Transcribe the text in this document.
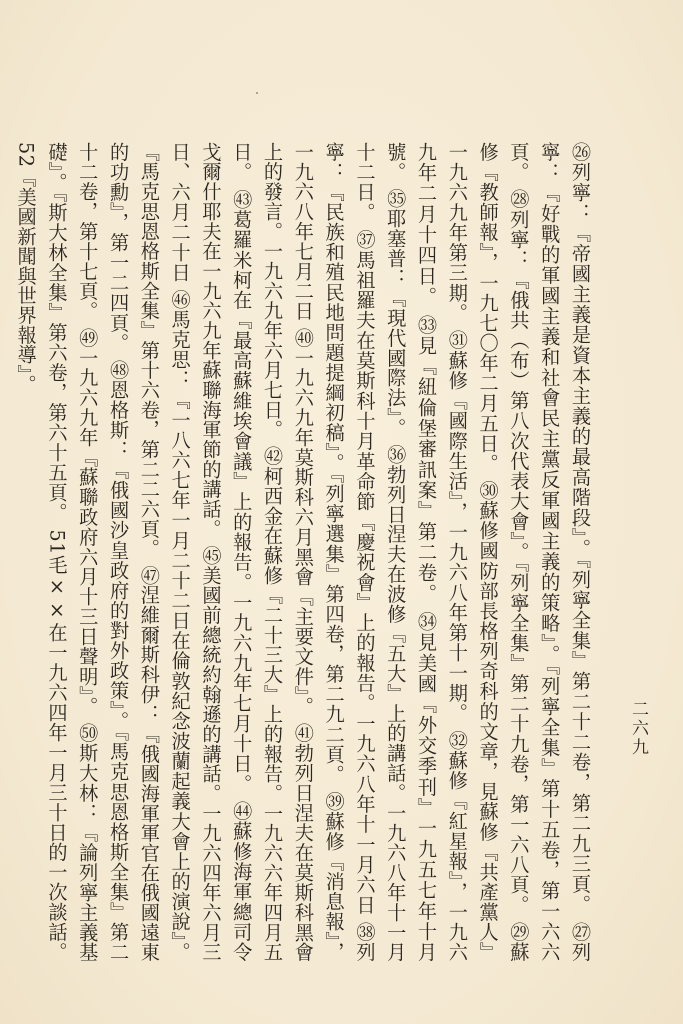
㉖列寧：『帝國主義是資本主義的最高階段』。『列寧全集』第二十二卷，第二九三頁。 ㉗列寧：『好戰的軍國主義和社會民主黨反軍國主義的策略』。『列寧全集』第十五卷，第一六六頁。 ㉘列寧：『俄共（布）第八次代表大會』。『列寧全集』第二十九卷，第一六八頁。 ㉙蘇修『教師報』，一九七〇年二月五日。 ㉚蘇修國防部長格列奇科的文章，見蘇修『共產黨人』一九六九年第三期。 ㉛蘇修『國際生活』，一九六八年第十一期。 ㉜蘇修『紅星報』，一九六九年二月十四日。 ㉝見『紐倫堡審訊案』第二卷。 ㉞見美國『外交季刊』一九五七年十月號。 ㉟耶塞普：『現代國際法』。 ㊱勃列日涅夫在波修『五大』上的講話。一九六八年十一月十二日。 ㊲馬祖羅夫在莫斯科十月革命節『慶祝會』上的報告。一九六八年十一月六日 ㊳列寧：『民族和殖民地問題提綱初稿』。『列寧選集』第四卷，第二九二頁。 ㊴蘇修『消息報』，一九六八年七月二日 ㊵一九六九年莫斯科六月黑會『主要文件』。 ㊶勃列日涅夫在莫斯科黑會上的發言。一九六九年六月七日。 ㊷柯西金在蘇修『二十三大』上的報告。一九六六年四月五日。 ㊸葛羅米柯在『最高蘇維埃會議』上的報告。一九六九年七月十日。 ㊹蘇修海軍總司令戈爾什耶夫在一九六九年蘇聯海軍節的講話。 ㊺美國前總統約翰遜的講話。一九六四年六月三日、六月二十日 ㊻馬克思：『一八六七年一月二十二日在倫敦紀念波蘭起義大會上的演說』。『馬克思恩格斯全集』第十六卷，第二二六頁。 ㊼涅維爾斯科伊：『俄國海軍軍官在俄國遠東的功勳』，第一二四頁。 ㊽恩格斯：『俄國沙皇政府的對外政策』。『馬克思恩格斯全集』第二十二卷，第十七頁。 ㊾一九六九年『蘇聯政府六月十三日聲明』。 ㊿斯大林：『論列寧主義基礎』。『斯大林全集』第六卷，第六十五頁。 51毛××在一九六四年一月三十日的一次談話。 52『美國新聞與世界報導』。
二六九
